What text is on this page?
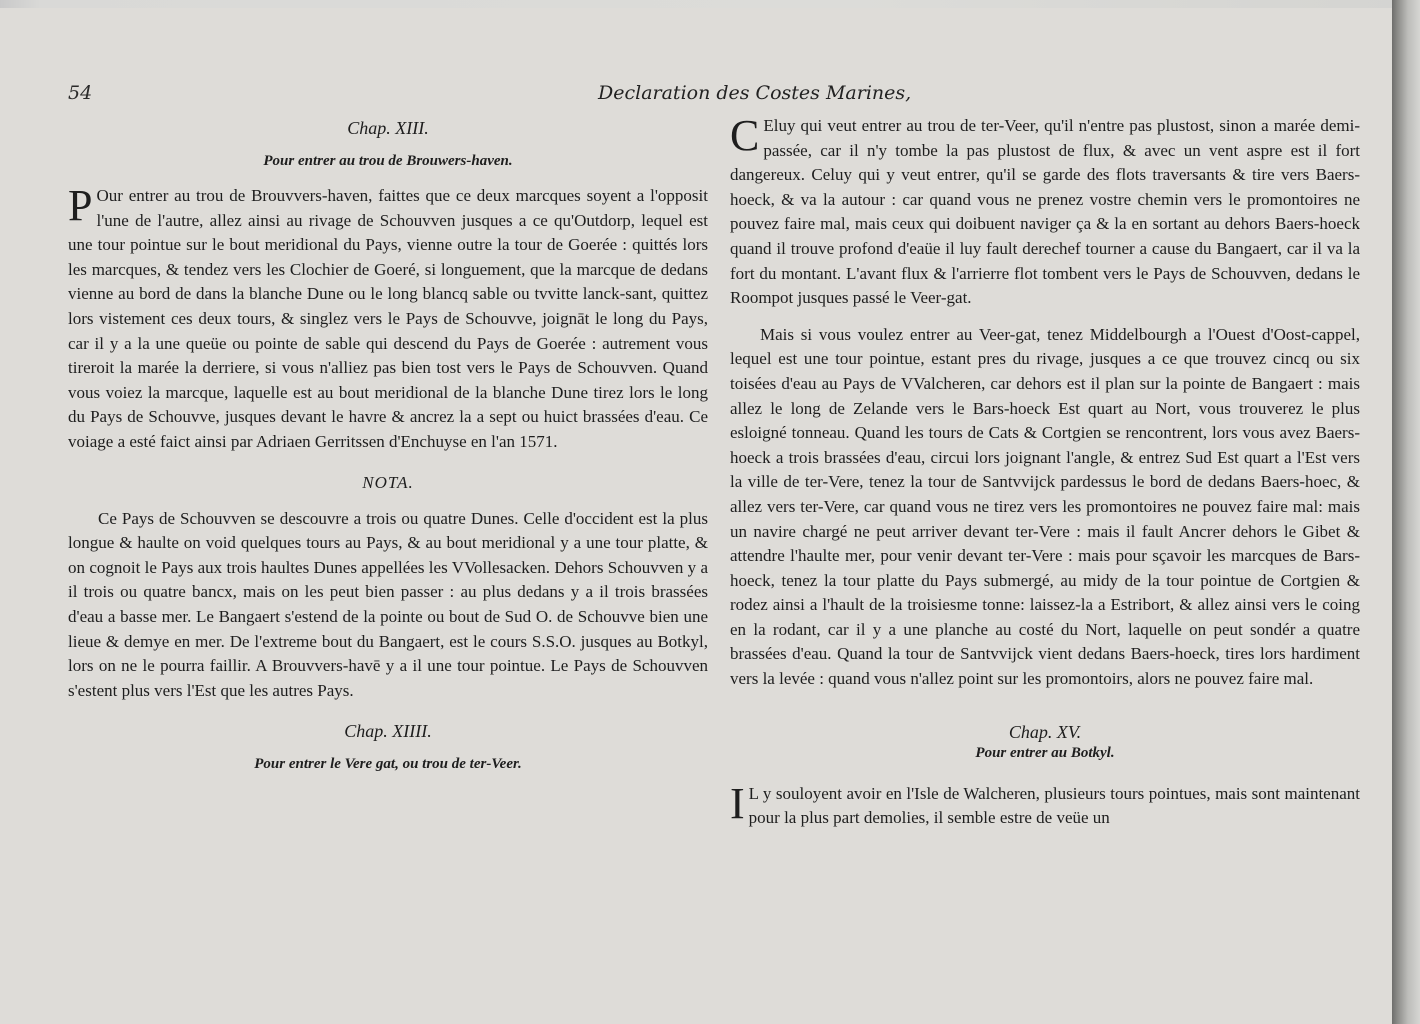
54	Declaration des Costes Marines,
Chap. XIII.
Pour entrer au trou de Brouwers-haven.

P Our entrer au trou de Brouvvers-haven, faittes que ce deux marcques soyent a l'opposit l'une de l'autre, allez ainsi au rivage de Schouvven jusques a ce qu'Outdorp, lequel est une tour pointue sur le bout meridional du Pays, vienne outre la tour de Goerée : quittés lors les marcques, & tendez vers les Clochier de Goeré, si longuement, que la marcque de dedans vienne au bord de dans la blanche Dune ou le long blancq sable ou tvvitte lanck-sant, quittez lors vistement ces deux tours, & singlez vers le Pays de Schouvve, joignāt le long du Pays, car il y a la une queüe ou pointe de sable qui descend du Pays de Goerée : autrement vous tireroit la marée la derriere, si vous n'alliez pas bien tost vers le Pays de Schouvven. Quand vous voiez la marcque, laquelle est au bout meridional de la blanche Dune tirez lors le long du Pays de Schouvve, jusques devant le havre & ancrez la a sept ou huict brassées d'eau. Ce voiage a esté faict ainsi par Adriaen Gerritssen d'Enchuyse en l'an 1571.

NOTA.

Ce Pays de Schouvven se descouvre a trois ou quatre Dunes. Celle d'occident est la plus longue & haulte on void quelques tours au Pays, & au bout meridional y a une tour platte, & on cognoit le Pays aux trois haultes Dunes appellées les VVollesacken. Dehors Schouvven y a il trois ou quatre bancx, mais on les peut bien passer : au plus dedans y a il trois brassées d'eau a basse mer. Le Bangaert s'estend de la pointe ou bout de Sud O. de Schouvve bien une lieue & demye en mer. De l'extreme bout du Bangaert, est le cours S.S.O. jusques au Botkyl, lors on ne le pourra faillir. A Brouvvers-havē y a il une tour pointue. Le Pays de Schouvven s'estent plus vers l'Est que les autres Pays.

Chap. XIIII.
Pour entrer le Vere gat, ou trou de ter-Veer.

C Eluy qui veut entrer au trou de ter-Veer, qu'il n'entre pas plustost, sinon a marée demi-passée, car il n'y tombe la pas plustost de flux, & avec un vent aspre est il fort dangereux. Celuy qui y veut entrer, qu'il se garde des flots traversants & tire vers Baers-hoeck, & va la autour : car quand vous ne prenez vostre chemin vers le promontoires ne pouvez faire mal, mais ceux qui doibuent naviger ça & la en sortant au dehors Baers-hoeck quand il trouve profond d'eaüe il luy fault derechef tourner a cause du Bangaert, car il va la fort du montant. L'avant flux & l'arrierre flot tombent vers le Pays de Schouvven, dedans le Roompot jusques passé le Veer-gat.

Mais si vous voulez entrer au Veer-gat, tenez Middelbourgh a l'Ouest d'Oost-cappel, lequel est une tour pointue, estant pres du rivage, jusques a ce que trouvez cincq ou six toisées d'eau au Pays de VValcheren, car dehors est il plan sur la pointe de Bangaert : mais allez le long de Zelande vers le Bars-hoeck Est quart au Nort, vous trouverez le plus esloigné tonneau. Quand les tours de Cats & Cortgien se rencontrent, lors vous avez Baers-hoeck a trois brassées d'eau, circui lors joignant l'angle, & entrez Sud Est quart a l'Est vers la ville de ter-Vere, tenez la tour de Santvvijck pardessus le bord de dedans Baers-hoec, & allez vers ter-Vere, car quand vous ne tirez vers les promontoires ne pouvez faire mal: mais un navire chargé ne peut arriver devant ter-Vere : mais il fault Ancrer dehors le Gibet & attendre l'haulte mer, pour venir devant ter-Vere : mais pour sçavoir les marcques de Bars-hoeck, tenez la tour platte du Pays submergé, au midy de la tour pointue de Cortgien & rodez ainsi a l'hault de la troisiesme tonne: laissez-la a Estribort, & allez ainsi vers le coing en la rodant, car il y a une planche au costé du Nort, laquelle on peut sondér a quatre brassées d'eau. Quand la tour de Santvvijck vient dedans Baers-hoeck, tires lors hardiment vers la levée : quand vous n'allez point sur les promontoirs, alors ne pouvez faire mal.

Chap. XV.
Pour entrer au Botkyl.

I L y souloyent avoir en l'Isle de Walcheren, plusieurs tours pointues, mais sont maintenant pour la plus part demolies, il semble estre de veüe un
